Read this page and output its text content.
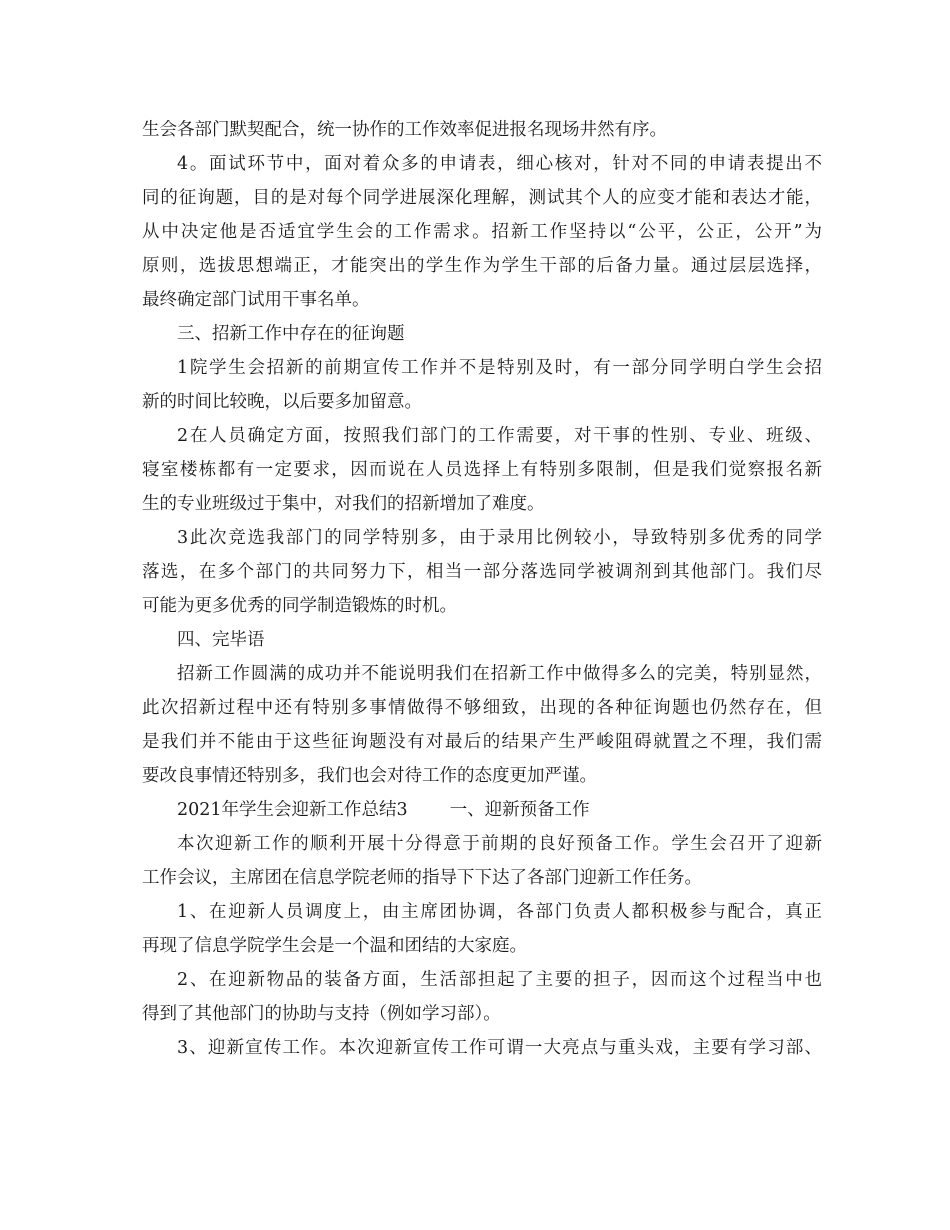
生会各部门默契配合，统一协作的工作效率促进报名现场井然有序。
4。面试环节中，面对着众多的申请表，细心核对，针对不同的申请表提出不
同的征询题，目的是对每个同学进展深化理解，测试其个人的应变才能和表达才能，
从中决定他是否适宜学生会的工作需求。招新工作坚持以“公平，公正，公开”为
原则，选拔思想端正，才能突出的学生作为学生干部的后备力量。通过层层选择，
最终确定部门试用干事名单。
三、招新工作中存在的征询题
1院学生会招新的前期宣传工作并不是特别及时，有一部分同学明白学生会招
新的时间比较晚，以后要多加留意。
2在人员确定方面，按照我们部门的工作需要，对干事的性别、专业、班级、
寝室楼栋都有一定要求，因而说在人员选择上有特别多限制，但是我们觉察报名新
生的专业班级过于集中，对我们的招新增加了难度。
3此次竞选我部门的同学特别多，由于录用比例较小，导致特别多优秀的同学
落选，在多个部门的共同努力下，相当一部分落选同学被调剂到其他部门。我们尽
可能为更多优秀的同学制造锻炼的时机。
四、完毕语
招新工作圆满的成功并不能说明我们在招新工作中做得多么的完美，特别显然，
此次招新过程中还有特别多事情做得不够细致，出现的各种征询题也仍然存在，但
是我们并不能由于这些征询题没有对最后的结果产生严峻阻碍就置之不理，我们需
要改良事情还特别多，我们也会对待工作的态度更加严谨。
2021年学生会迎新工作总结3 一、迎新预备工作
本次迎新工作的顺利开展十分得意于前期的良好预备工作。学生会召开了迎新
工作会议，主席团在信息学院老师的指导下下达了各部门迎新工作任务。
1、在迎新人员调度上，由主席团协调，各部门负责人都积极参与配合，真正
再现了信息学院学生会是一个温和团结的大家庭。
2、在迎新物品的装备方面，生活部担起了主要的担子，因而这个过程当中也
得到了其他部门的协助与支持（例如学习部）。
3、迎新宣传工作。本次迎新宣传工作可谓一大亮点与重头戏，主要有学习部、
